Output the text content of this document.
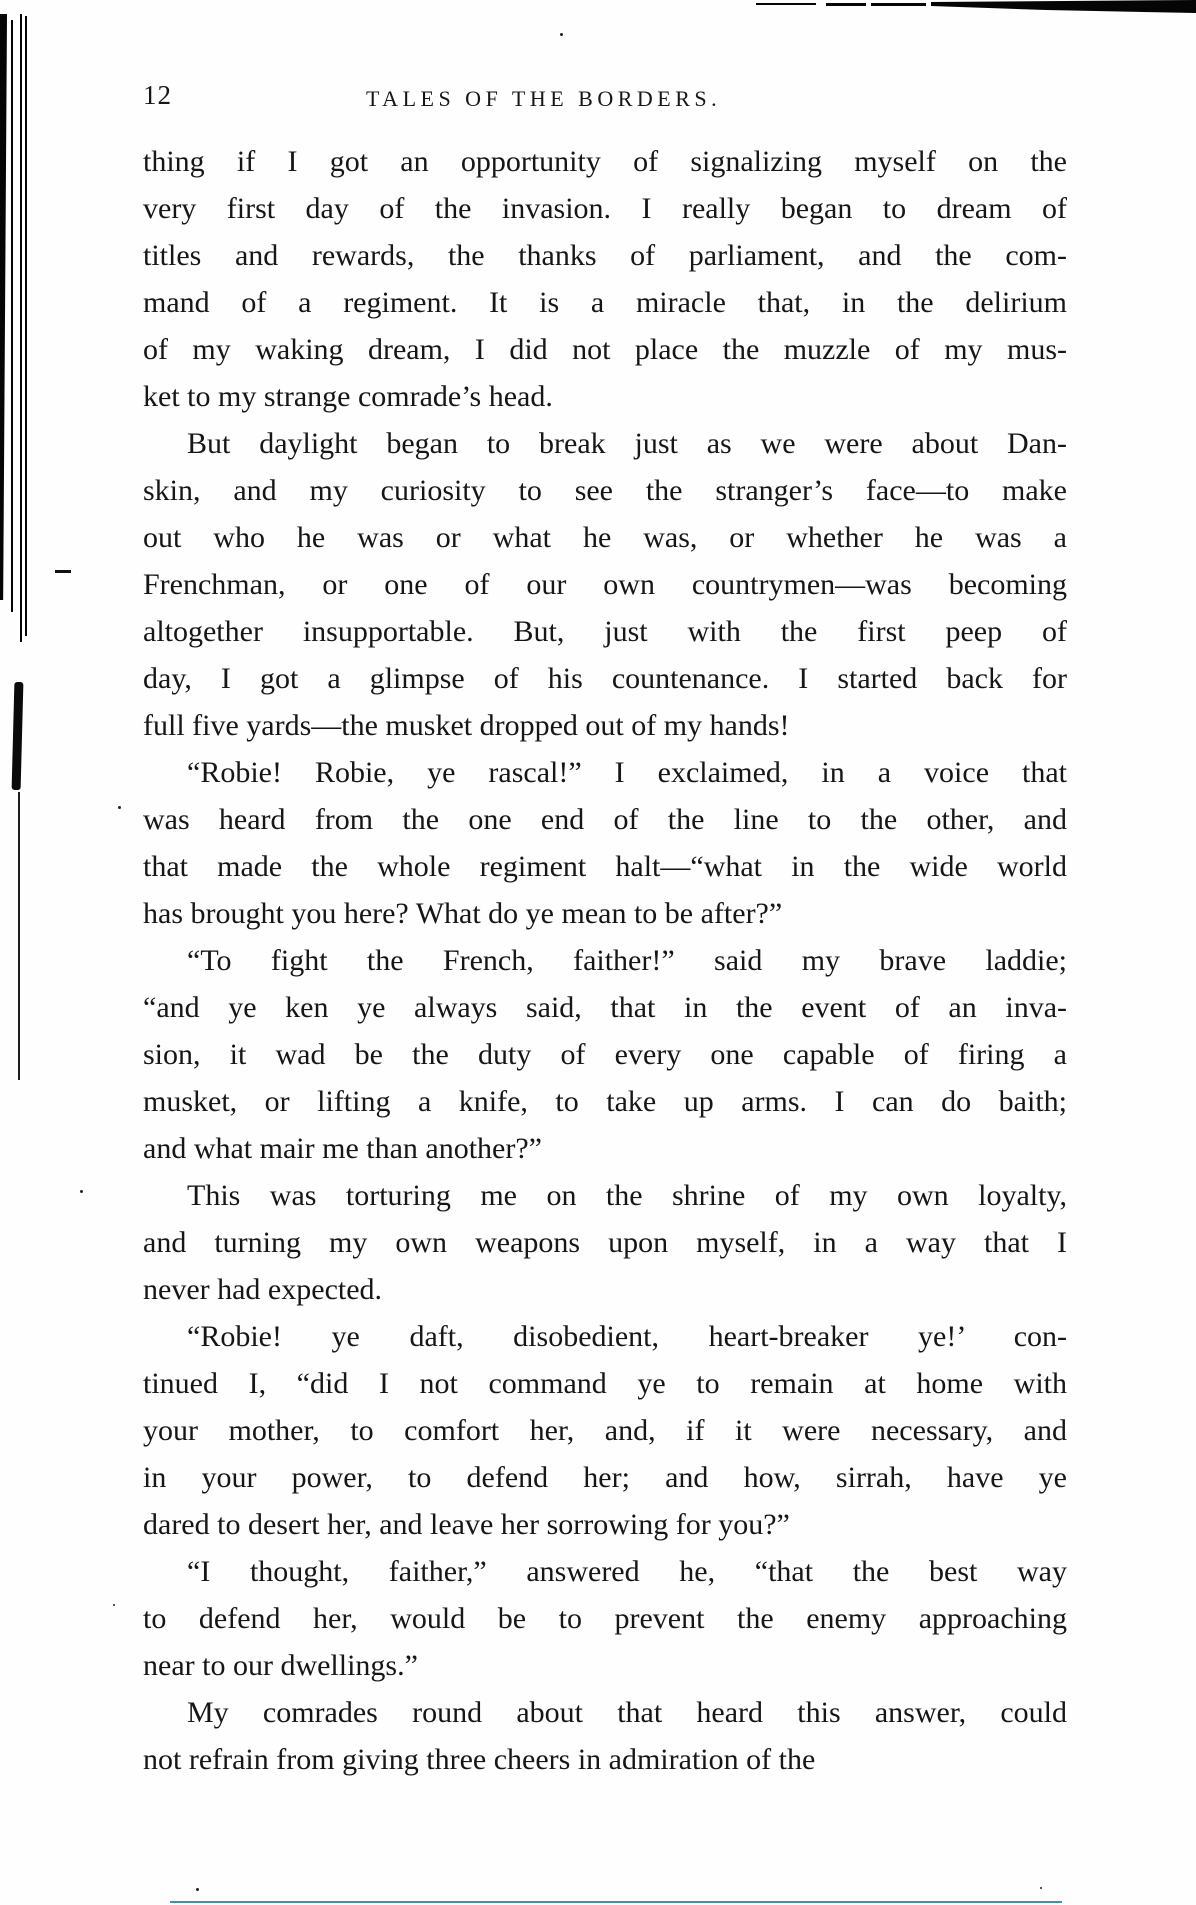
12	TALES OF THE BORDERS.
thing if I got an opportunity of signalizing myself on the
very first day of the invasion. I really began to dream of
titles and rewards, the thanks of parliament, and the com-
mand of a regiment. It is a miracle that, in the delirium
of my waking dream, I did not place the muzzle of my mus-
ket to my strange comrade’s head.
But daylight began to break just as we were about Dan-
skin, and my curiosity to see the stranger’s face—to make
out who he was or what he was, or whether he was a
Frenchman, or one of our own countrymen—was becoming
altogether insupportable. But, just with the first peep of
day, I got a glimpse of his countenance. I started back for
full five yards—the musket dropped out of my hands!
“Robie! Robie, ye rascal!” I exclaimed, in a voice that
was heard from the one end of the line to the other, and
that made the whole regiment halt—“what in the wide world
has brought you here? What do ye mean to be after?”
“To fight the French, faither!” said my brave laddie;
“and ye ken ye always said, that in the event of an inva-
sion, it wad be the duty of every one capable of firing a
musket, or lifting a knife, to take up arms. I can do baith;
and what mair me than another?”
This was torturing me on the shrine of my own loyalty,
and turning my own weapons upon myself, in a way that I
never had expected.
“Robie! ye daft, disobedient, heart-breaker ye!’ con-
tinued I, “did I not command ye to remain at home with
your mother, to comfort her, and, if it were necessary, and
in your power, to defend her; and how, sirrah, have ye
dared to desert her, and leave her sorrowing for you?”
“I thought, faither,” answered he, “that the best way
to defend her, would be to prevent the enemy approaching
near to our dwellings.”
My comrades round about that heard this answer, could
not refrain from giving three cheers in admiration of the
